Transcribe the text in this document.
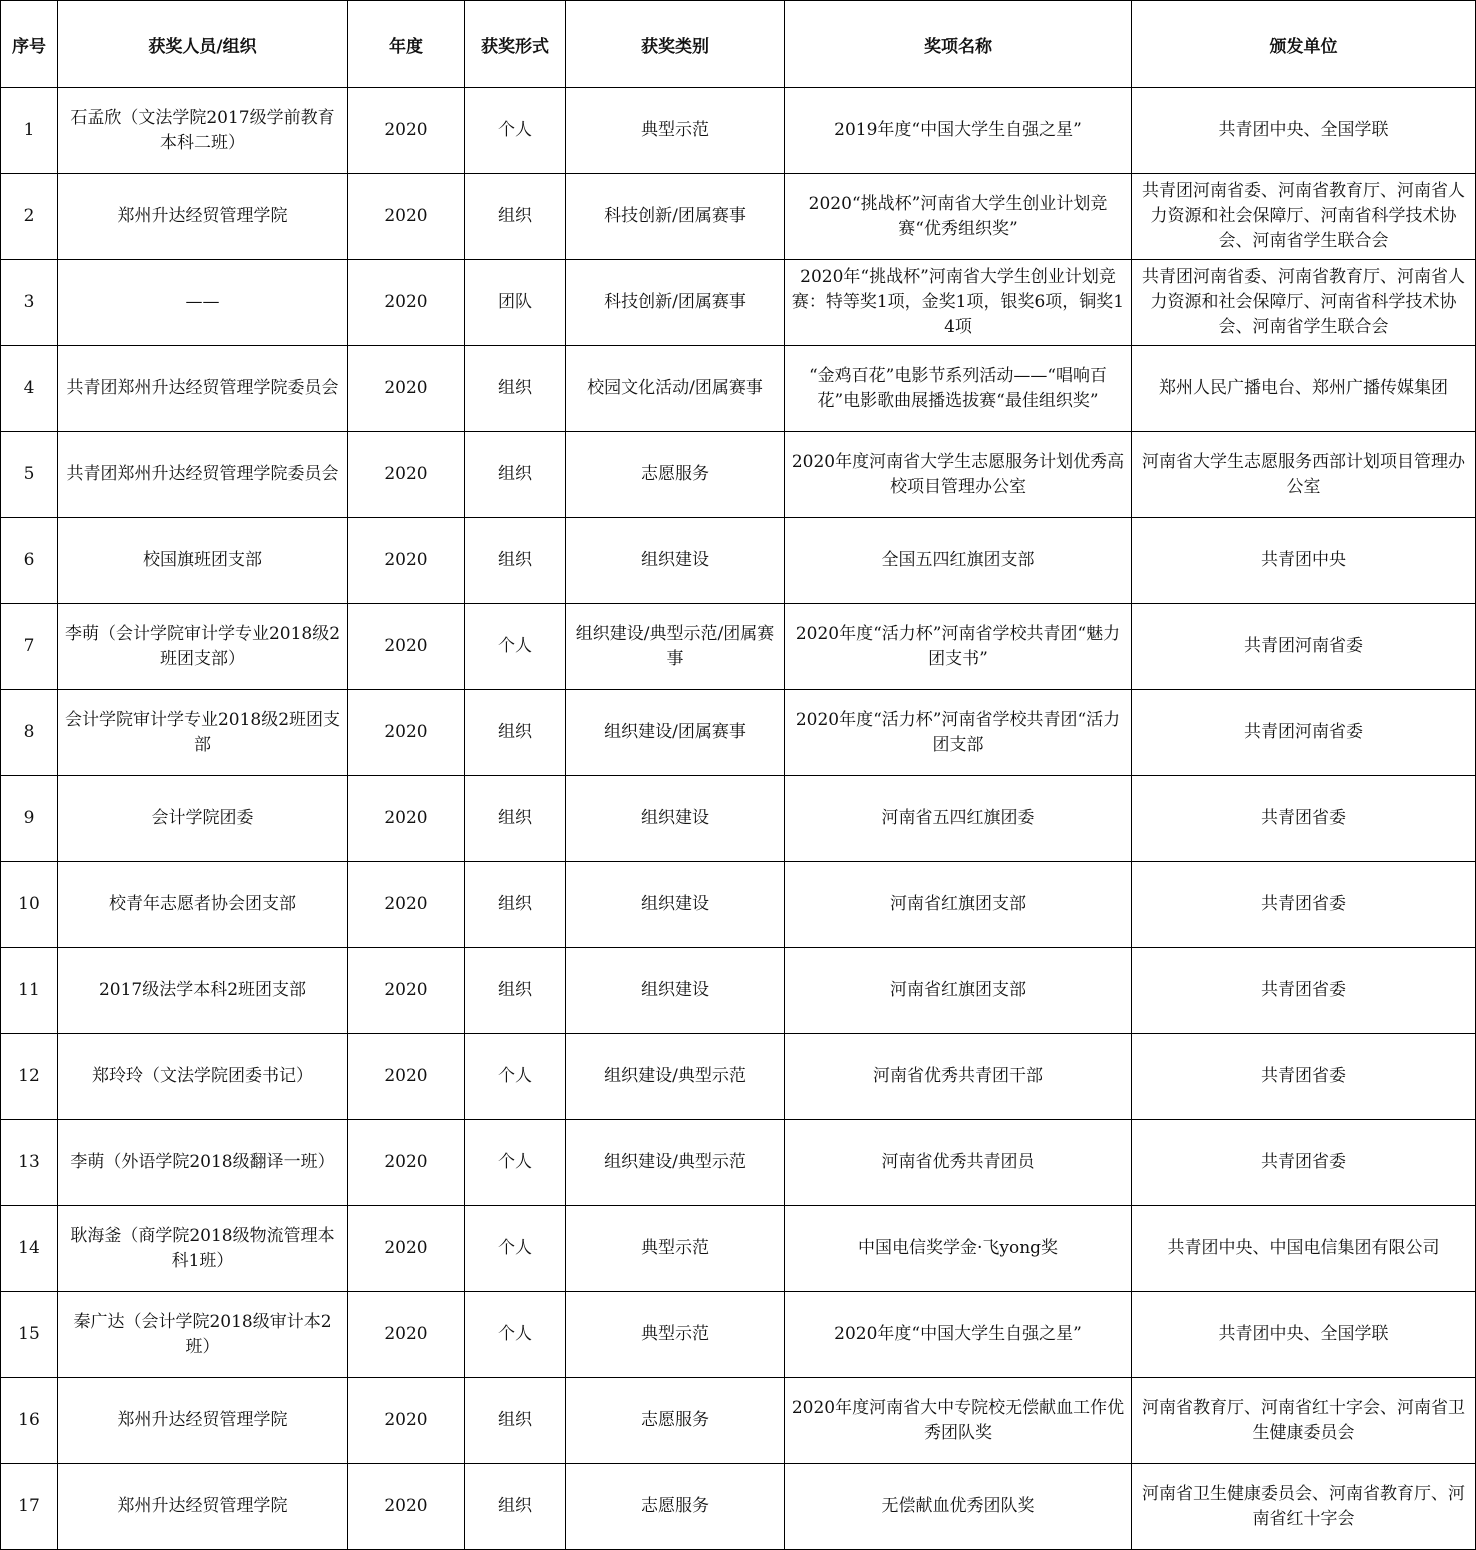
序号	获奖人员/组织	年度	获奖形式	获奖类别	奖项名称	颁发单位
1	石孟欣（文法学院2017级学前教育本科二班）	2020	个人	典型示范	2019年度“中国大学生自强之星”	共青团中央、全国学联
2	郑州升达经贸管理学院	2020	组织	科技创新/团属赛事	2020“挑战杯”河南省大学生创业计划竞赛“优秀组织奖”	共青团河南省委、河南省教育厅、河南省人力资源和社会保障厅、河南省科学技术协会、河南省学生联合会
3	——	2020	团队	科技创新/团属赛事	2020年“挑战杯”河南省大学生创业计划竞赛：特等奖1项，金奖1项，银奖6项，铜奖14项	共青团河南省委、河南省教育厅、河南省人力资源和社会保障厅、河南省科学技术协会、河南省学生联合会
4	共青团郑州升达经贸管理学院委员会	2020	组织	校园文化活动/团属赛事	“金鸡百花”电影节系列活动——“唱响百花”电影歌曲展播选拔赛“最佳组织奖”	郑州人民广播电台、郑州广播传媒集团
5	共青团郑州升达经贸管理学院委员会	2020	组织	志愿服务	2020年度河南省大学生志愿服务计划优秀高校项目管理办公室	河南省大学生志愿服务西部计划项目管理办公室
6	校国旗班团支部	2020	组织	组织建设	全国五四红旗团支部	共青团中央
7	李萌（会计学院审计学专业2018级2班团支部）	2020	个人	组织建设/典型示范/团属赛事	2020年度“活力杯”河南省学校共青团“魅力团支书”	共青团河南省委
8	会计学院审计学专业2018级2班团支部	2020	组织	组织建设/团属赛事	2020年度“活力杯”河南省学校共青团“活力团支部	共青团河南省委
9	会计学院团委	2020	组织	组织建设	河南省五四红旗团委	共青团省委
10	校青年志愿者协会团支部	2020	组织	组织建设	河南省红旗团支部	共青团省委
11	2017级法学本科2班团支部	2020	组织	组织建设	河南省红旗团支部	共青团省委
12	郑玲玲（文法学院团委书记）	2020	个人	组织建设/典型示范	河南省优秀共青团干部	共青团省委
13	李萌（外语学院2018级翻译一班）	2020	个人	组织建设/典型示范	河南省优秀共青团员	共青团省委
14	耿海釜（商学院2018级物流管理本科1班）	2020	个人	典型示范	中国电信奖学金·飞yong奖	共青团中央、中国电信集团有限公司
15	秦广达（会计学院2018级审计本2班）	2020	个人	典型示范	2020年度“中国大学生自强之星”	共青团中央、全国学联
16	郑州升达经贸管理学院	2020	组织	志愿服务	2020年度河南省大中专院校无偿献血工作优秀团队奖	河南省教育厅、河南省红十字会、河南省卫生健康委员会
17	郑州升达经贸管理学院	2020	组织	志愿服务	无偿献血优秀团队奖	河南省卫生健康委员会、河南省教育厅、河南省红十字会
